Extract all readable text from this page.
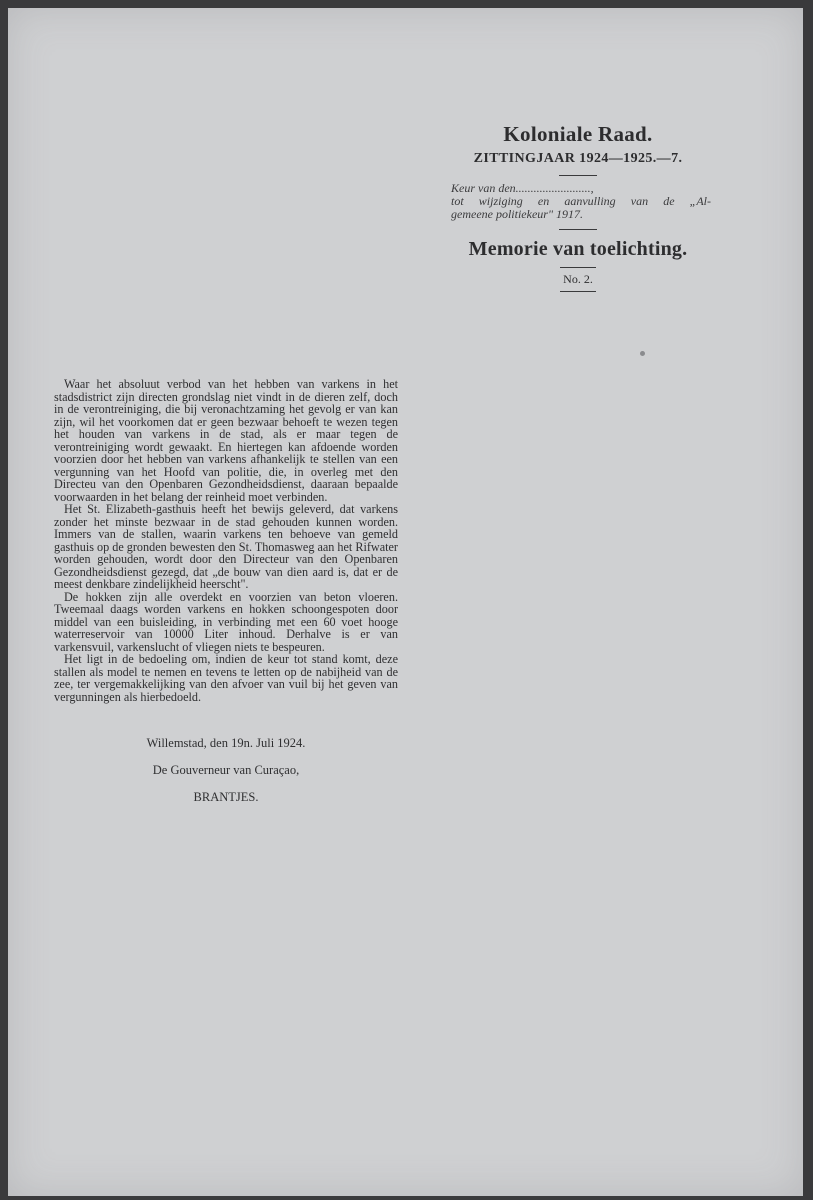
Koloniale Raad.
ZITTINGJAAR 1924—1925.—7.
Keur van den.........................,
tot wijziging en aanvulling van de „Al-
gemeene politiekeur" 1917.
Memorie van toelichting.
No. 2.

Waar het absoluut verbod van het hebben van varkens in het stadsdistrict zijn directen grondslag niet vindt in de dieren zelf, doch in de verontreiniging, die bij veronachtzaming het gevolg er van kan zijn, wil het voorkomen dat er geen bezwaar behoeft te wezen tegen het houden van varkens in de stad, als er maar tegen de verontreiniging wordt gewaakt. En hiertegen kan afdoende worden voorzien door het hebben van varkens afhankelijk te stellen van een vergunning van het Hoofd van politie, die, in overleg met den Directeu van den Openbaren Gezondheidsdienst, daaraan bepaalde voorwaarden in het belang der reinheid moet verbinden.

Het St. Elizabeth-gasthuis heeft het bewijs geleverd, dat varkens zonder het minste bezwaar in de stad gehouden kunnen worden. Immers van de stallen, waarin varkens ten behoeve van gemeld gasthuis op de gronden bewesten den St. Thomasweg aan het Rifwater worden gehouden, wordt door den Directeur van den Openbaren Gezondheidsdienst gezegd, dat „de bouw van dien aard is, dat er de meest denkbare zindelijkheid heerscht".

De hokken zijn alle overdekt en voorzien van beton vloeren. Tweemaal daags worden varkens en hokken schoongespoten door middel van een buisleiding, in verbinding met een 60 voet hooge waterreservoir van 10000 Liter inhoud. Derhalve is er van varkensvuil, varkenslucht of vliegen niets te bespeuren.

Het ligt in de bedoeling om, indien de keur tot stand komt, deze stallen als model te nemen en tevens te letten op de nabijheid van de zee, ter vergemakkelijking van den afvoer van vuil bij het geven van vergunningen als hierbedoeld.

Willemstad, den 19n. Juli 1924.
De Gouverneur van Curaçao,
BRANTJES.
